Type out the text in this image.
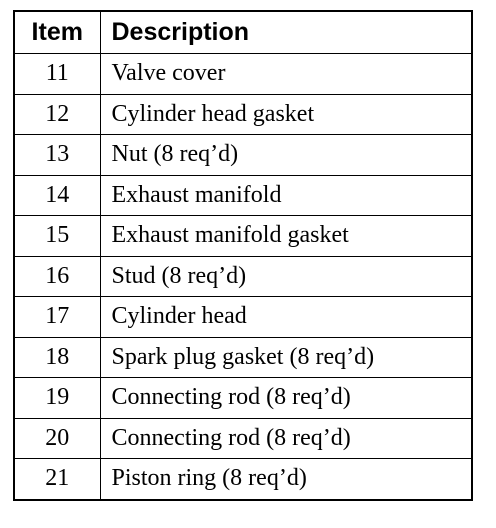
Item	Description
11	Valve cover
12	Cylinder head gasket
13	Nut (8 req’d)
14	Exhaust manifold
15	Exhaust manifold gasket
16	Stud (8 req’d)
17	Cylinder head
18	Spark plug gasket (8 req’d)
19	Connecting rod (8 req’d)
20	Connecting rod (8 req’d)
21	Piston ring (8 req’d)
